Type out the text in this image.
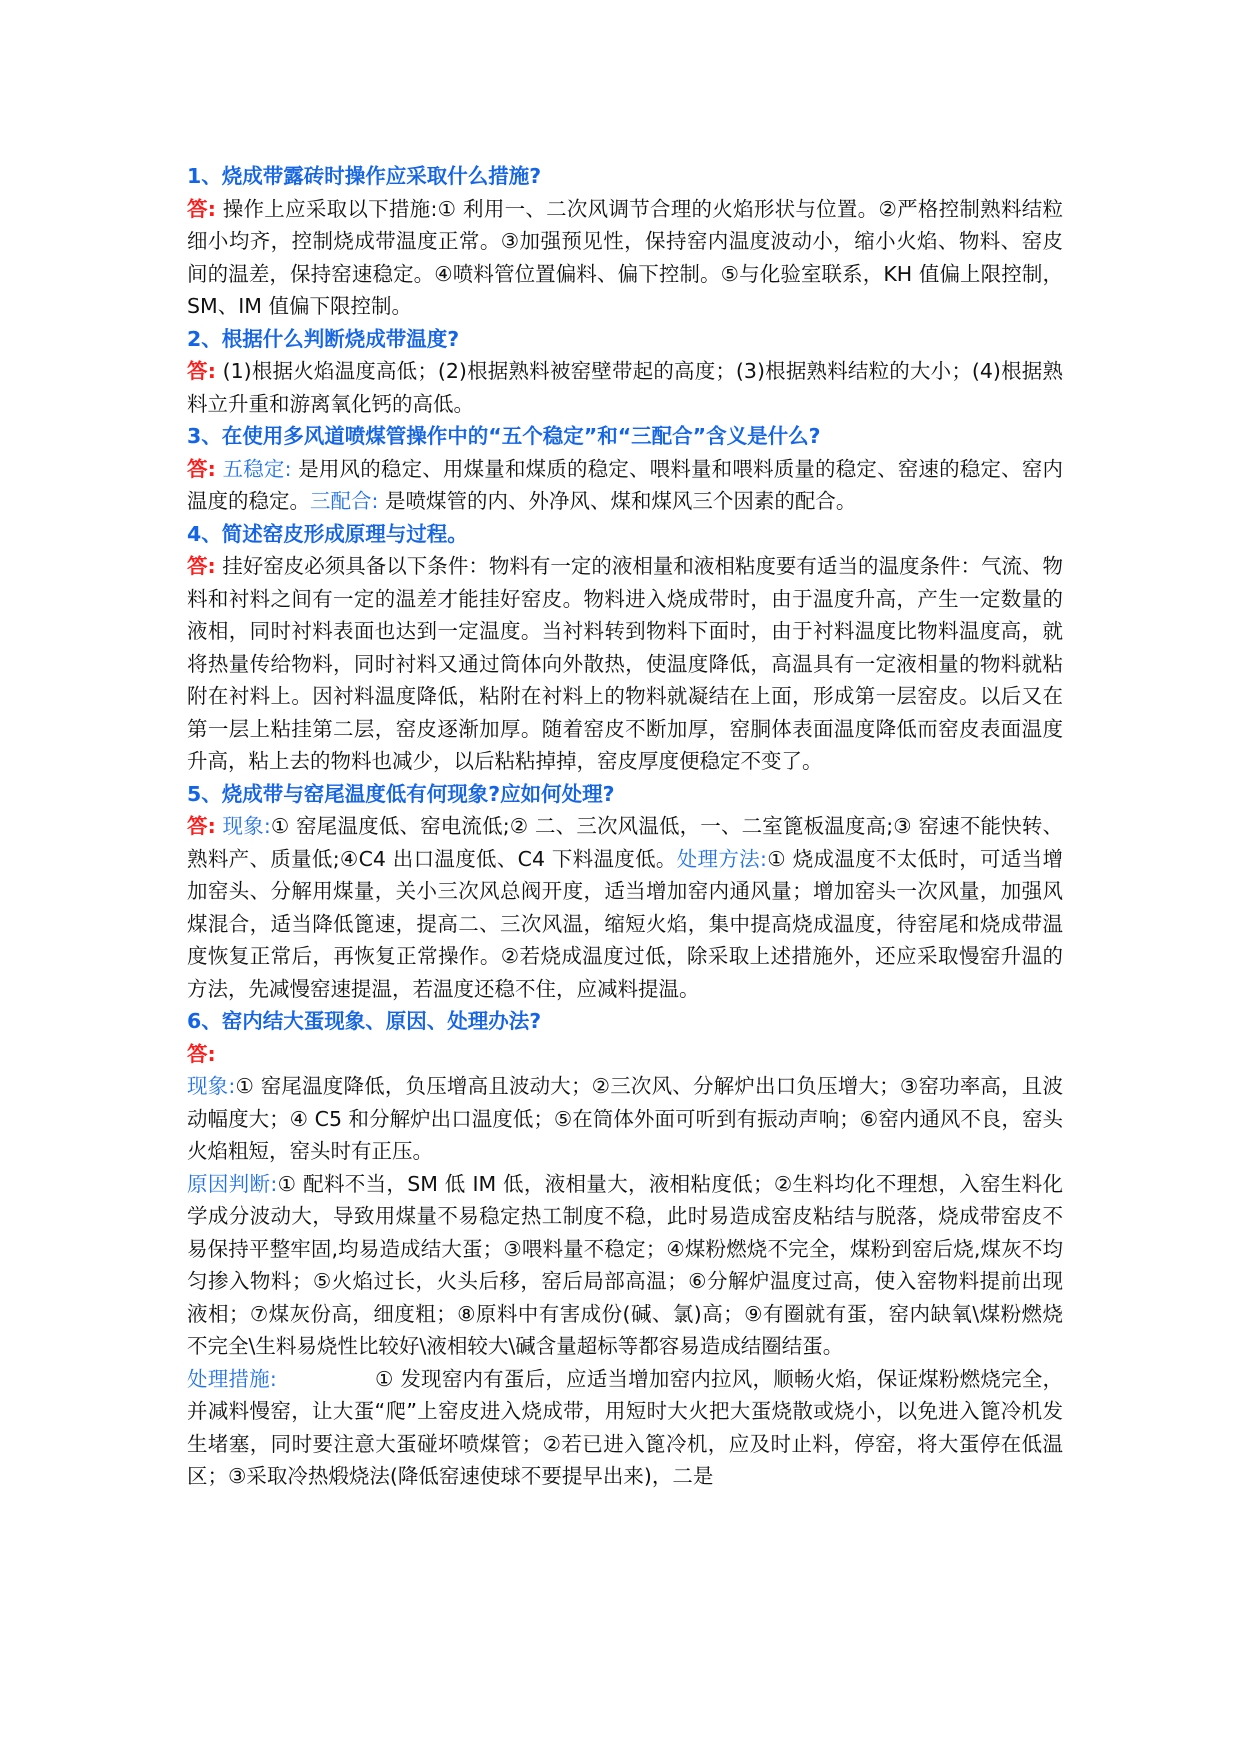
1、烧成带露砖时操作应采取什么措施?

答: 操作上应采取以下措施:① 利用一、二次风调节合理的火焰形状与位置。②严格控制熟料结粒细小均齐，控制烧成带温度正常。③加强预见性，保持窑内温度波动小，缩小火焰、物料、窑皮间的温差，保持窑速稳定。④喷料管位置偏料、偏下控制。⑤与化验室联系，KH 值偏上限控制，SM、IM 值偏下限控制。

2、根据什么判断烧成带温度?

答: (1)根据火焰温度高低；(2)根据熟料被窑壁带起的高度；(3)根据熟料结粒的大小；(4)根据熟料立升重和游离氧化钙的高低。

3、在使用多风道喷煤管操作中的“五个稳定”和“三配合”含义是什么?

答: 五稳定: 是用风的稳定、用煤量和煤质的稳定、喂料量和喂料质量的稳定、窑速的稳定、窑内温度的稳定。三配合: 是喷煤管的内、外净风、煤和煤风三个因素的配合。

4、简述窑皮形成原理与过程。

答: 挂好窑皮必须具备以下条件：物料有一定的液相量和液相粘度要有适当的温度条件：气流、物料和衬料之间有一定的温差才能挂好窑皮。物料进入烧成带时，由于温度升高，产生一定数量的液相，同时衬料表面也达到一定温度。当衬料转到物料下面时，由于衬料温度比物料温度高，就将热量传给物料，同时衬料又通过筒体向外散热，使温度降低，高温具有一定液相量的物料就粘附在衬料上。因衬料温度降低，粘附在衬料上的物料就凝结在上面，形成第一层窑皮。以后又在第一层上粘挂第二层，窑皮逐渐加厚。随着窑皮不断加厚，窑胴体表面温度降低而窑皮表面温度升高，粘上去的物料也减少，以后粘粘掉掉，窑皮厚度便稳定不变了。

5、烧成带与窑尾温度低有何现象?应如何处理?

答: 现象:① 窑尾温度低、窑电流低;② 二、三次风温低，一、二室篦板温度高;③ 窑速不能快转、熟料产、质量低;④C4 出口温度低、C4 下料温度低。处理方法:① 烧成温度不太低时，可适当增加窑头、分解用煤量，关小三次风总阀开度，适当增加窑内通风量；增加窑头一次风量，加强风煤混合，适当降低篦速，提高二、三次风温，缩短火焰，集中提高烧成温度，待窑尾和烧成带温度恢复正常后，再恢复正常操作。②若烧成温度过低，除采取上述措施外，还应采取慢窑升温的方法，先减慢窑速提温，若温度还稳不住，应减料提温。

6、窑内结大蛋现象、原因、处理办法?

答:

现象:① 窑尾温度降低，负压增高且波动大；②三次风、分解炉出口负压增大；③窑功率高，且波动幅度大；④ C5 和分解炉出口温度低；⑤在筒体外面可听到有振动声响；⑥窑内通风不良，窑头火焰粗短，窑头时有正压。

原因判断:① 配料不当，SM 低 IM 低，液相量大，液相粘度低；②生料均化不理想，入窑生料化学成分波动大，导致用煤量不易稳定热工制度不稳，此时易造成窑皮粘结与脱落，烧成带窑皮不易保持平整牢固,均易造成结大蛋；③喂料量不稳定；④煤粉燃烧不完全，煤粉到窑后烧,煤灰不均匀掺入物料；⑤火焰过长，火头后移，窑后局部高温；⑥分解炉温度过高，使入窑物料提前出现液相；⑦煤灰份高，细度粗；⑧原料中有害成份(碱、氯)高；⑨有圈就有蛋，窑内缺氧\煤粉燃烧不完全\生料易烧性比较好\液相较大\碱含量超标等都容易造成结圈结蛋。

处理措施:	① 发现窑内有蛋后，应适当增加窑内拉风，顺畅火焰，保证煤粉燃烧完全，并减料慢窑，让大蛋“爬”上窑皮进入烧成带，用短时大火把大蛋烧散或烧小，以免进入篦冷机发生堵塞，同时要注意大蛋碰坏喷煤管；②若已进入篦冷机，应及时止料，停窑，将大蛋停在低温区；③采取冷热煅烧法(降低窑速使球不要提早出来)，二是
